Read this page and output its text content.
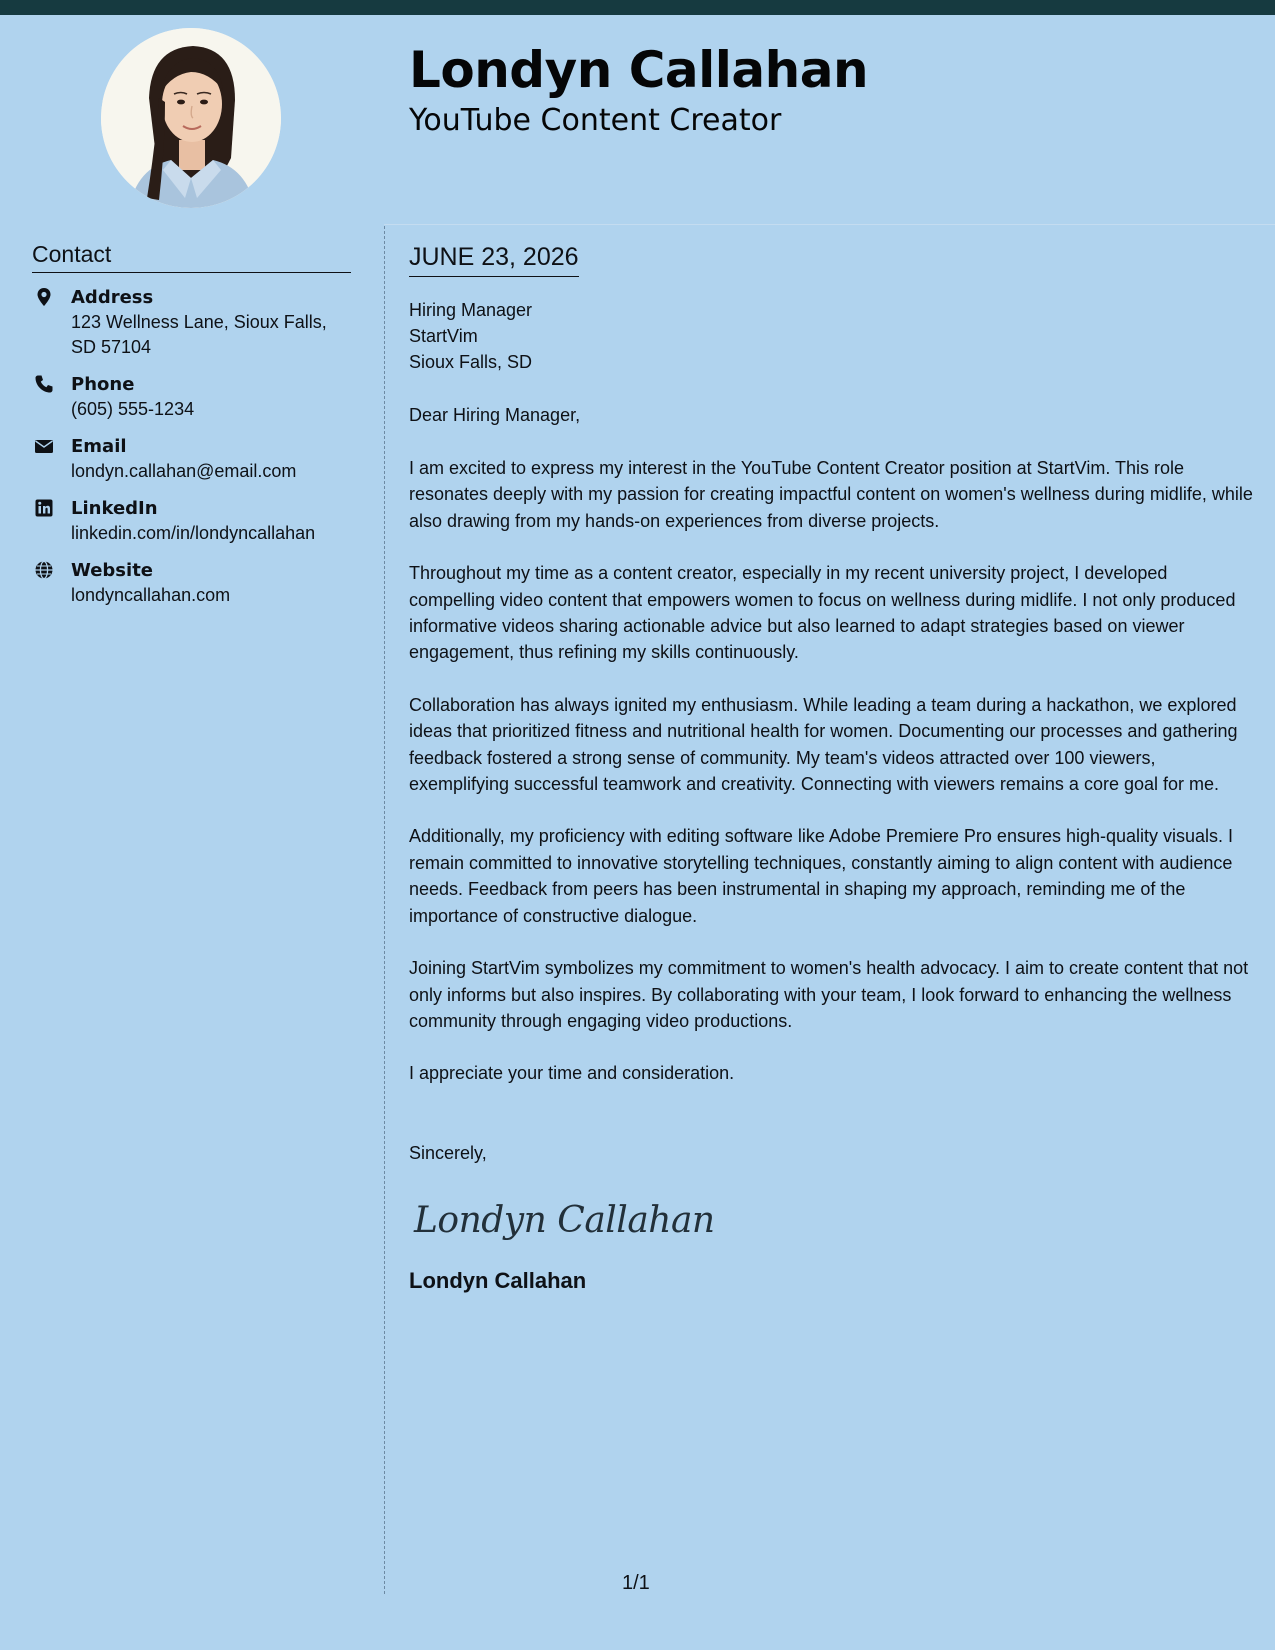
Londyn Callahan
YouTube Content Creator
Contact
Address
123 Wellness Lane, Sioux Falls, SD 57104
Phone
(605) 555-1234
Email
londyn.callahan@email.com
LinkedIn
linkedin.com/in/londyncallahan
Website
londyncallahan.com
JUNE 23, 2026
Hiring Manager
StartVim
Sioux Falls, SD
Dear Hiring Manager,

I am excited to express my interest in the YouTube Content Creator position at StartVim. This role resonates deeply with my passion for creating impactful content on women's wellness during midlife, while also drawing from my hands-on experiences from diverse projects.

Throughout my time as a content creator, especially in my recent university project, I developed compelling video content that empowers women to focus on wellness during midlife. I not only produced informative videos sharing actionable advice but also learned to adapt strategies based on viewer engagement, thus refining my skills continuously.

Collaboration has always ignited my enthusiasm. While leading a team during a hackathon, we explored ideas that prioritized fitness and nutritional health for women. Documenting our processes and gathering feedback fostered a strong sense of community. My team's videos attracted over 100 viewers, exemplifying successful teamwork and creativity. Connecting with viewers remains a core goal for me.

Additionally, my proficiency with editing software like Adobe Premiere Pro ensures high-quality visuals. I remain committed to innovative storytelling techniques, constantly aiming to align content with audience needs. Feedback from peers has been instrumental in shaping my approach, reminding me of the importance of constructive dialogue.

Joining StartVim symbolizes my commitment to women's health advocacy. I aim to create content that not only informs but also inspires. By collaborating with your team, I look forward to enhancing the wellness community through engaging video productions.

I appreciate your time and consideration.

Sincerely,
Londyn Callahan
Londyn Callahan
1/1
